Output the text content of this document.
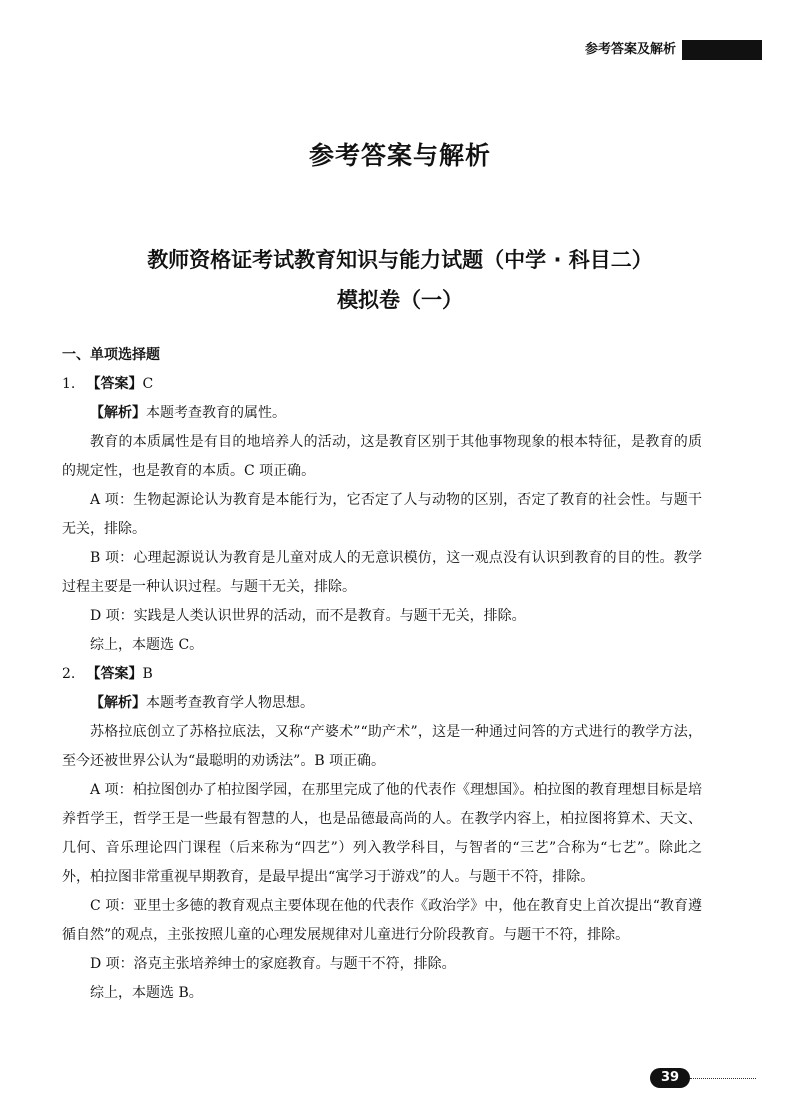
参考答案及解析
参考答案与解析
教师资格证考试教育知识与能力试题（中学 · 科目二）
模拟卷（一）
一、单项选择题
1. 【答案】C

【解析】本题考查教育的属性。

教育的本质属性是有目的地培养人的活动，这是教育区别于其他事物现象的根本特征，是教育的质的规定性，也是教育的本质。C 项正确。

A 项：生物起源论认为教育是本能行为，它否定了人与动物的区别，否定了教育的社会性。与题干无关，排除。

B 项：心理起源说认为教育是儿童对成人的无意识模仿，这一观点没有认识到教育的目的性。教学过程主要是一种认识过程。与题干无关，排除。

D 项：实践是人类认识世界的活动，而不是教育。与题干无关，排除。

综上，本题选 C。

2. 【答案】B

【解析】本题考查教育学人物思想。

苏格拉底创立了苏格拉底法，又称“产婆术”“助产术”，这是一种通过问答的方式进行的教学方法，至今还被世界公认为“最聪明的劝诱法”。B 项正确。

A 项：柏拉图创办了柏拉图学园，在那里完成了他的代表作《理想国》。柏拉图的教育理想目标是培养哲学王，哲学王是一些最有智慧的人，也是品德最高尚的人。在教学内容上，柏拉图将算术、天文、几何、音乐理论四门课程（后来称为“四艺”）列入教学科目，与智者的“三艺”合称为“七艺”。除此之外，柏拉图非常重视早期教育，是最早提出“寓学习于游戏”的人。与题干不符，排除。

C 项：亚里士多德的教育观点主要体现在他的代表作《政治学》中，他在教育史上首次提出“教育遵循自然”的观点，主张按照儿童的心理发展规律对儿童进行分阶段教育。与题干不符，排除。

D 项：洛克主张培养绅士的家庭教育。与题干不符，排除。

综上，本题选 B。

39
